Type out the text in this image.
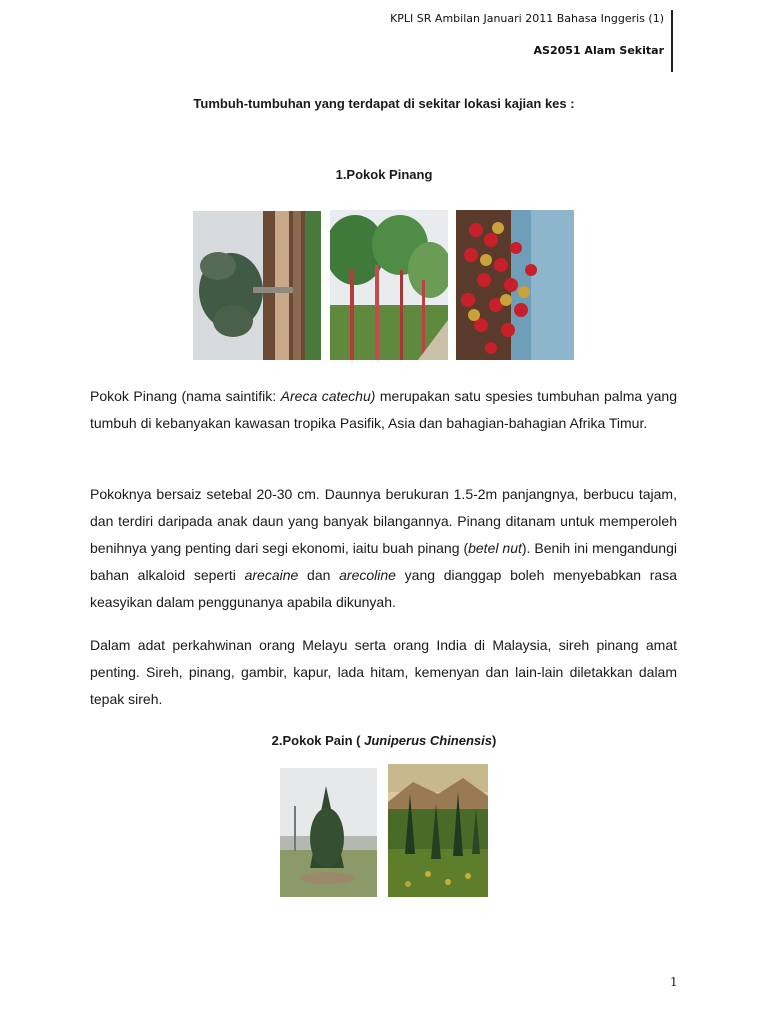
KPLI SR Ambilan Januari 2011 Bahasa Inggeris (1)
AS2051 Alam Sekitar
Tumbuh-tumbuhan yang terdapat di sekitar lokasi kajian kes :
1.Pokok Pinang

Pokok Pinang (nama saintifik: Areca catechu) merupakan satu spesies tumbuhan palma yang tumbuh di kebanyakan kawasan tropika Pasifik, Asia dan bahagian-bahagian Afrika Timur.

Pokoknya bersaiz setebal 20-30 cm. Daunnya berukuran 1.5-2m panjangnya, berbucu tajam, dan terdiri daripada anak daun yang banyak bilangannya. Pinang ditanam untuk memperoleh benihnya yang penting dari segi ekonomi, iaitu buah pinang (betel nut). Benih ini mengandungi bahan alkaloid seperti arecaine dan arecoline yang dianggap boleh menyebabkan rasa keasyikan dalam penggunanya apabila dikunyah.

Dalam adat perkahwinan orang Melayu serta orang India di Malaysia, sireh pinang amat penting. Sireh, pinang, gambir, kapur, lada hitam, kemenyan dan lain-lain diletakkan dalam tepak sireh.

2.Pokok Pain ( Juniperus Chinensis)
1
